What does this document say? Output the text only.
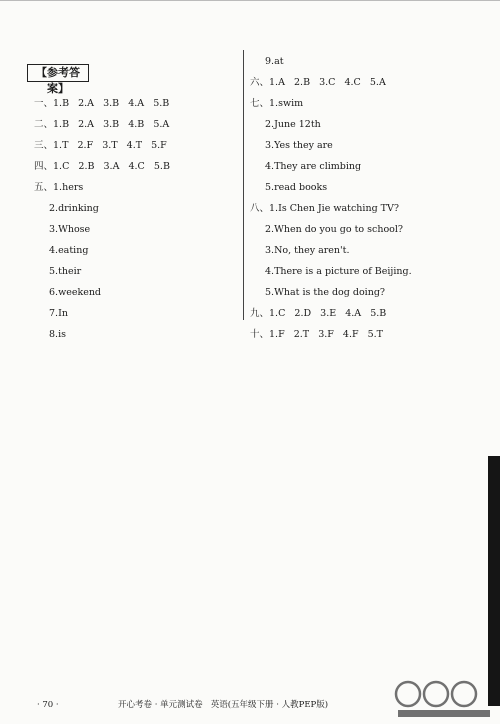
【参考答案】
一、1.B   2.A   3.B   4.A   5.B
二、1.B   2.A   3.B   4.B   5.A
三、1.T   2.F   3.T   4.T   5.F
四、1.C   2.B   3.A   4.C   5.B
五、1.hers
2.drinking
3.Whose
4.eating
5.their
6.weekend
7.In
8.is
9.at
六、1.A   2.B   3.C   4.C   5.A
七、1.swim
2.June 12th
3.Yes they are
4.They are climbing
5.read books
八、1.Is Chen Jie watching TV?
2.When do you go to school?
3.No, they aren't.
4.There is a picture of Beijing.
5.What is the dog doing?
九、1.C   2.D   3.E   4.A   5.B
十、1.F   2.T   3.F   4.F   5.T
· 70 ·	开心考卷 · 单元测试卷   英语(五年级下册 · 人教PEP版)
